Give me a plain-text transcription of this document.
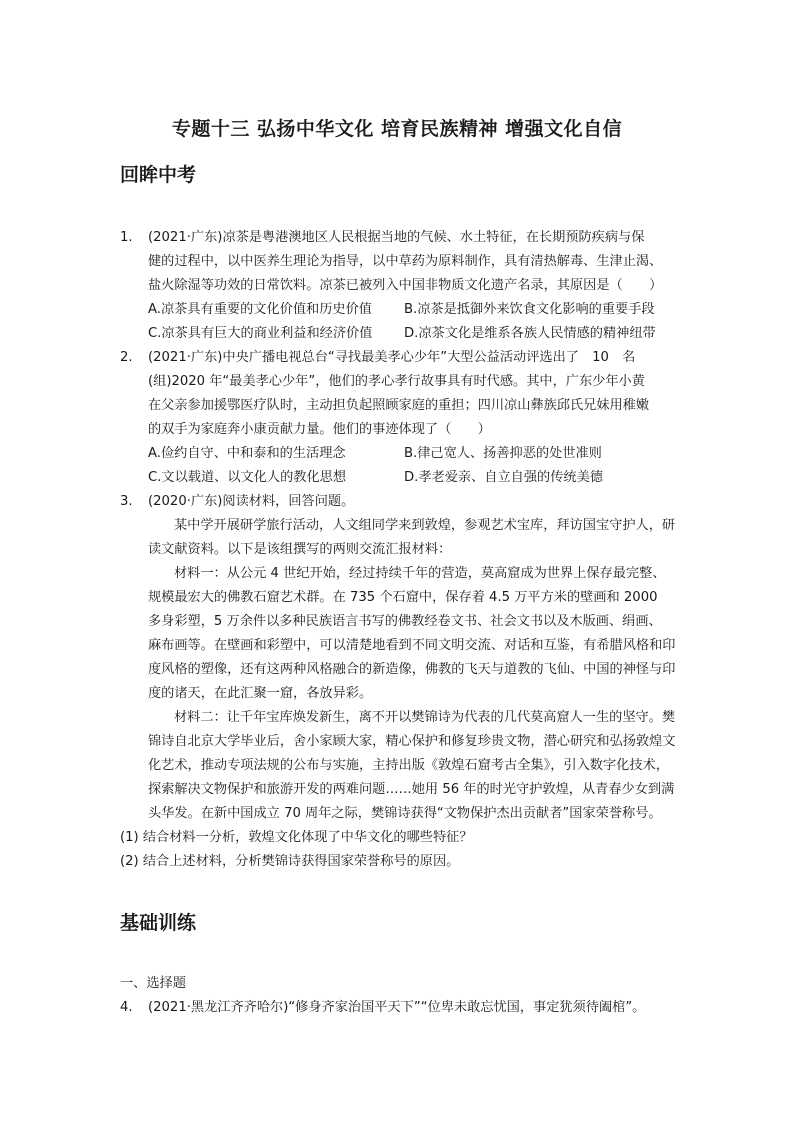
专题十三 弘扬中华文化 培育民族精神 增强文化自信
回眸中考
1. (2021·广东)凉茶是粤港澳地区人民根据当地的气候、水土特征，在长期预防疾病与保
健的过程中，以中医养生理论为指导，以中草药为原料制作，具有清热解毒、生津止渴、
盐火除湿等功效的日常饮料。凉茶已被列入中国非物质文化遗产名录，其原因是（　　）
A.凉茶具有重要的文化价值和历史价值 B.凉茶是抵御外来饮食文化影响的重要手段
C.凉茶具有巨大的商业利益和经济价值 D.凉茶文化是维系各族人民情感的精神纽带
2. (2021·广东)中央广播电视总台“寻找最美孝心少年”大型公益活动评选出了　10　名
(组)2020 年“最美孝心少年”，他们的孝心孝行故事具有时代感。其中，广东少年小黄
在父亲参加援鄂医疗队时，主动担负起照顾家庭的重担；四川凉山彝族邱氏兄妹用稚嫩
的双手为家庭奔小康贡献力量。他们的事迹体现了（　　）
A.俭约自守、中和泰和的生活理念	B.律己宽人、扬善抑恶的处世准则
C.文以载道、以文化人的教化思想	D.孝老爱亲、自立自强的传统美德
3. (2020·广东)阅读材料，回答问题。
某中学开展研学旅行活动，人文组同学来到敦煌，参观艺术宝库，拜访国宝守护人，研
读文献资料。以下是该组撰写的两则交流汇报材料：
材料一：从公元 4 世纪开始，经过持续千年的营造，莫高窟成为世界上保存最完整、
规模最宏大的佛教石窟艺术群。在 735 个石窟中，保存着 4.5 万平方米的壁画和 2000
多身彩塑，5 万余件以多种民族语言书写的佛教经卷文书、社会文书以及木版画、绢画、
麻布画等。在壁画和彩塑中，可以清楚地看到不同文明交流、对话和互鉴，有希腊风格和印
度风格的塑像，还有这两种风格融合的新造像，佛教的飞天与道教的飞仙、中国的神怪与印
度的诸天，在此汇聚一窟，各放异彩。
材料二：让千年宝库焕发新生，离不开以樊锦诗为代表的几代莫高窟人一生的坚守。樊
锦诗自北京大学毕业后，舍小家顾大家，精心保护和修复珍贵文物，潜心研究和弘扬敦煌文
化艺术，推动专项法规的公布与实施，主持出版《敦煌石窟考古全集》，引入数字化技术，
探索解决文物保护和旅游开发的两难问题……她用 56 年的时光守护敦煌，从青春少女到满
头华发。在新中国成立 70 周年之际，樊锦诗获得“文物保护杰出贡献者”国家荣誉称号。
(1) 结合材料一分析，敦煌文化体现了中华文化的哪些特征？
(2) 结合上述材料，分析樊锦诗获得国家荣誉称号的原因。
基础训练
一、选择题
4. (2021·黑龙江齐齐哈尔)“修身齐家治国平天下”“位卑未敢忘忧国，事定犹须待阖棺”。
